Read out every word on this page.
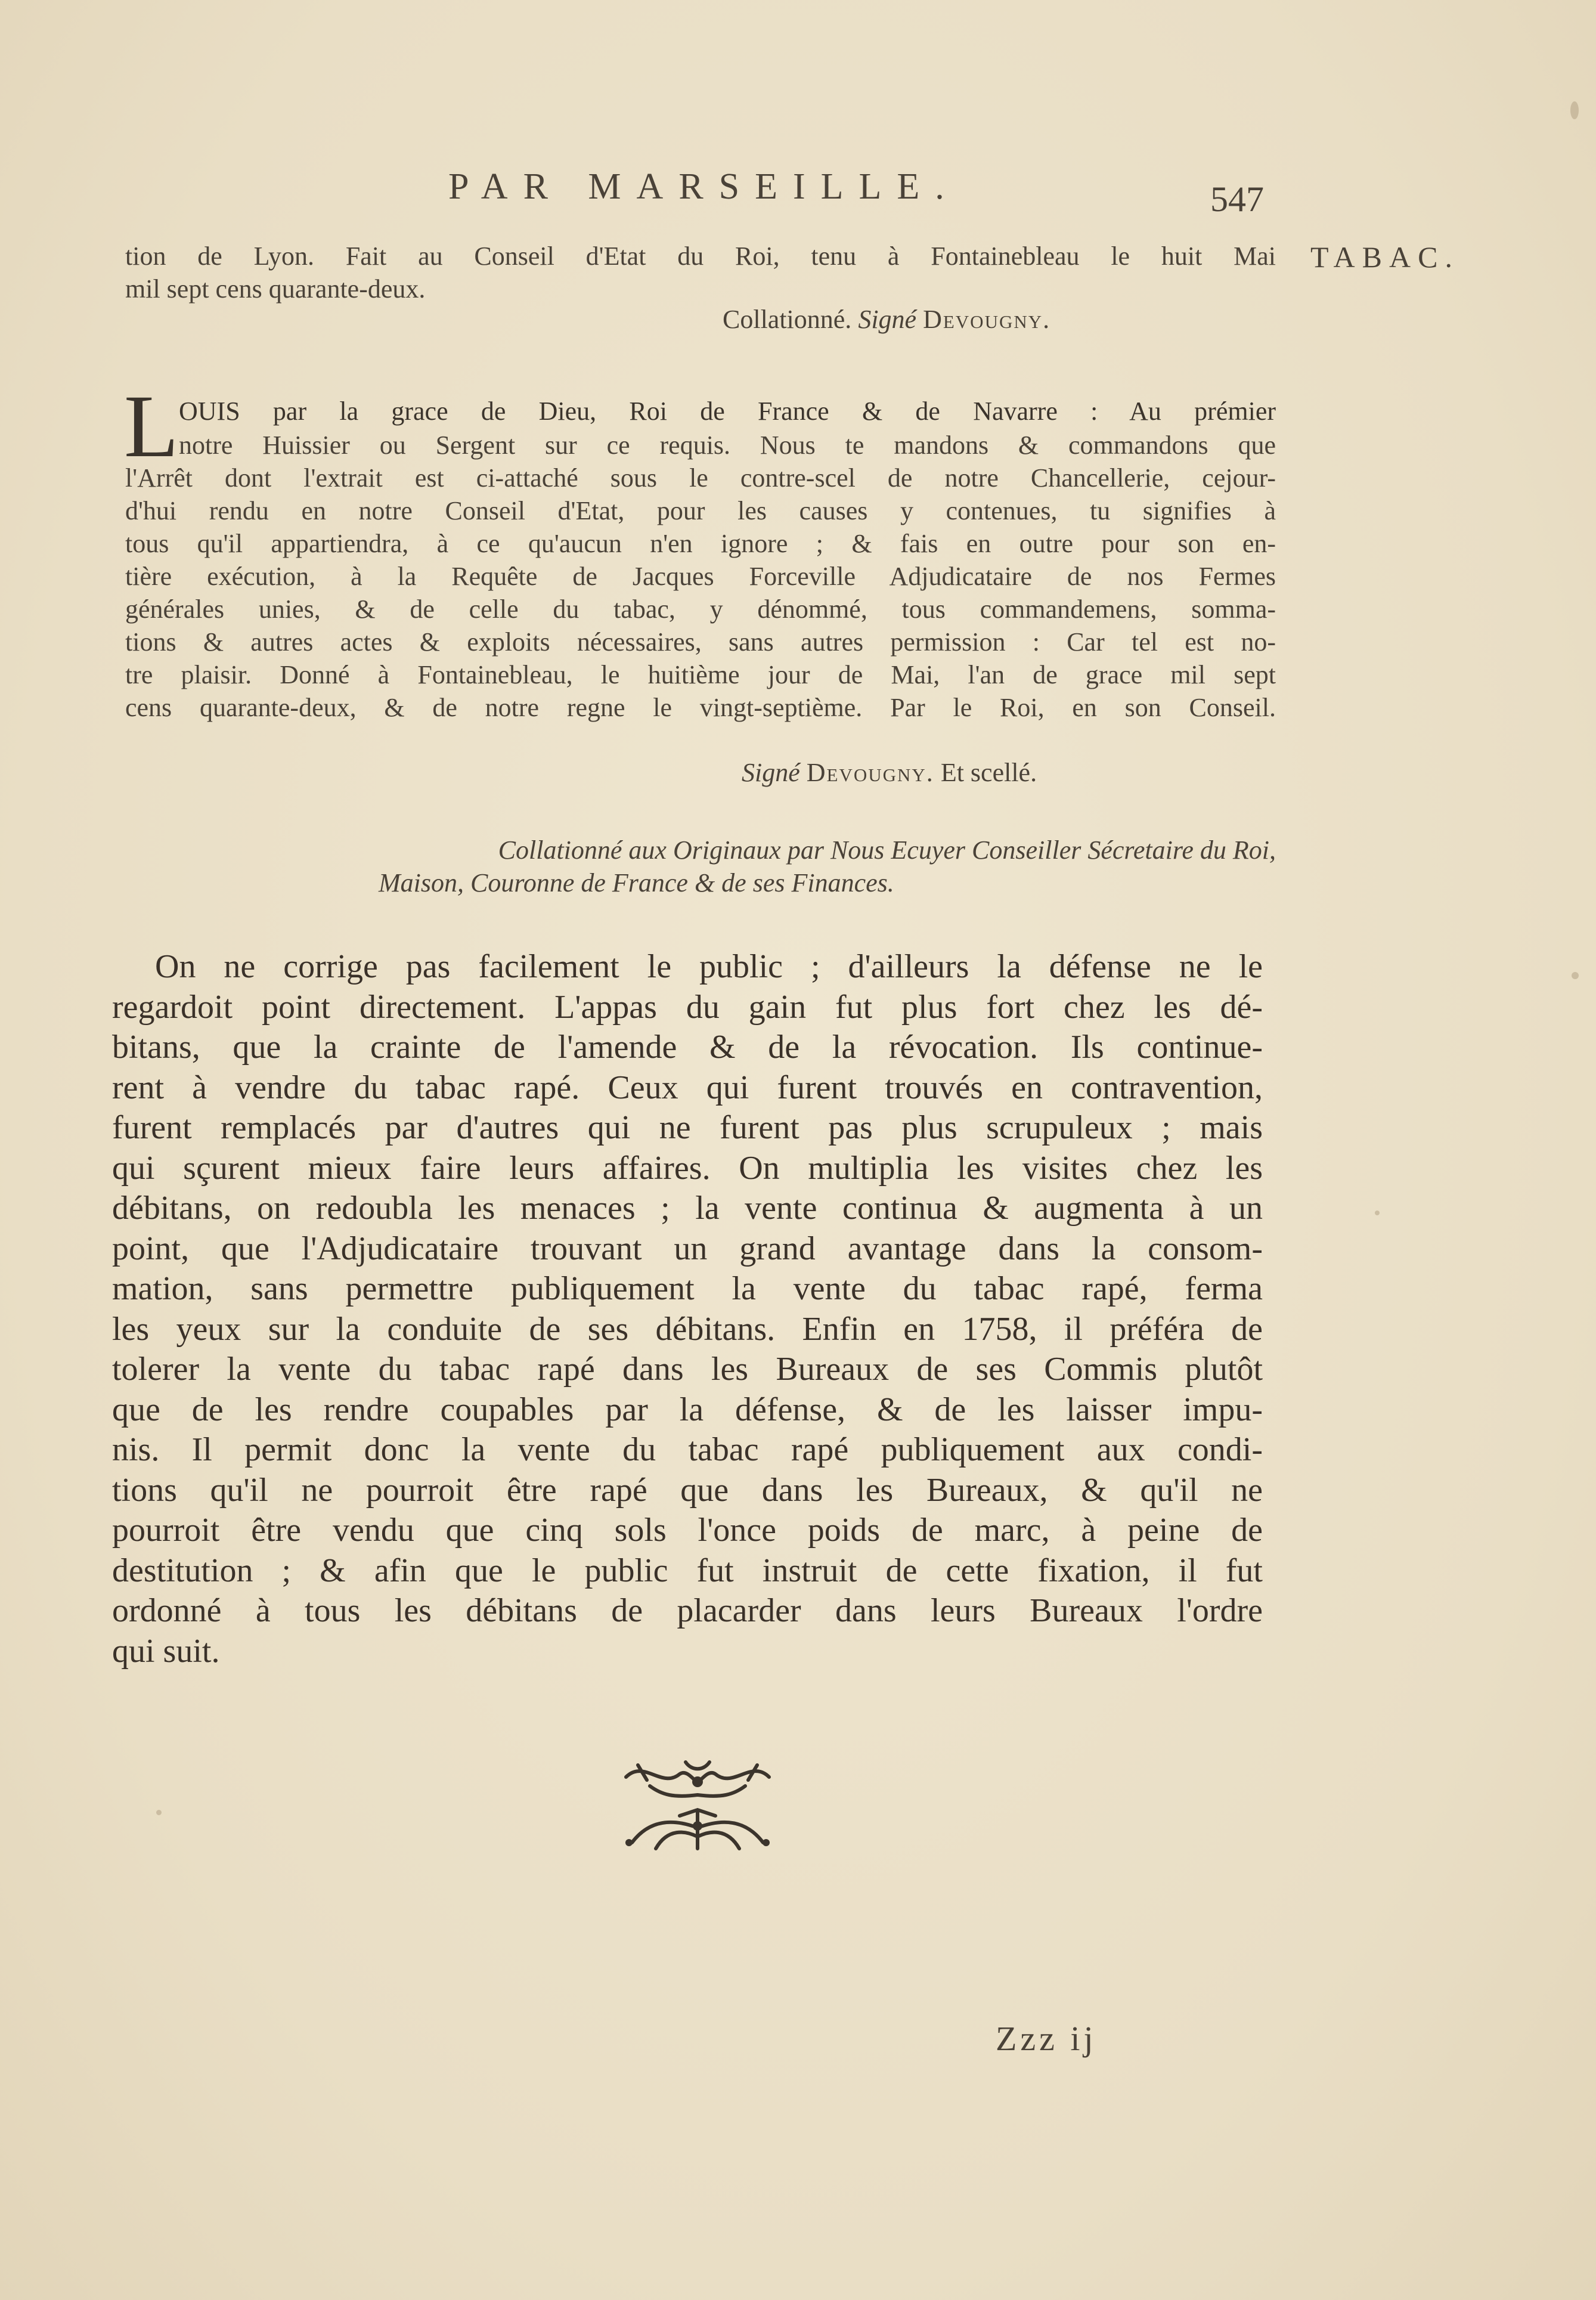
PAR MARSEILLE.	547
TABAC.
tion de Lyon. Fait au Conseil d'Etat du Roi, tenu à Fontainebleau le huit Mai
mil sept cens quarante-deux.
Collationné. Signé Devougny.
L OUIS par la grace de Dieu, Roi de France & de Navarre : Au prémier
notre Huissier ou Sergent sur ce requis. Nous te mandons & commandons que
l'Arrêt dont l'extrait est ci-attaché sous le contre-scel de notre Chancellerie, cejour-
d'hui rendu en notre Conseil d'Etat, pour les causes y contenues, tu signifies à
tous qu'il appartiendra, à ce qu'aucun n'en ignore ; & fais en outre pour son en-
tière exécution, à la Requête de Jacques Forceville Adjudicataire de nos Fermes
générales unies, & de celle du tabac, y dénommé, tous commandemens, somma-
tions & autres actes & exploits nécessaires, sans autres permission : Car tel est no-
tre plaisir. Donné à Fontainebleau, le huitième jour de Mai, l'an de grace mil sept
cens quarante-deux, & de notre regne le vingt-septième. Par le Roi, en son Conseil.
Signé Devougny. Et scellé.
Collationné aux Originaux par Nous Ecuyer Conseiller Sécretaire du Roi,
Maison, Couronne de France & de ses Finances.
On ne corrige pas facilement le public ; d'ailleurs la défense ne le
regardoit point directement. L'appas du gain fut plus fort chez les dé-
bitans, que la crainte de l'amende & de la révocation. Ils continue-
rent à vendre du tabac rapé. Ceux qui furent trouvés en contravention,
furent remplacés par d'autres qui ne furent pas plus scrupuleux ; mais
qui sçurent mieux faire leurs affaires. On multiplia les visites chez les
débitans, on redoubla les menaces ; la vente continua & augmenta à un
point, que l'Adjudicataire trouvant un grand avantage dans la consom-
mation, sans permettre publiquement la vente du tabac rapé, ferma
les yeux sur la conduite de ses débitans. Enfin en 1758, il préféra de
tolerer la vente du tabac rapé dans les Bureaux de ses Commis plutôt
que de les rendre coupables par la défense, & de les laisser impu-
nis. Il permit donc la vente du tabac rapé publiquement aux condi-
tions qu'il ne pourroit être rapé que dans les Bureaux, & qu'il ne
pourroit être vendu que cinq sols l'once poids de marc, à peine de
destitution ; & afin que le public fut instruit de cette fixation, il fut
ordonné à tous les débitans de placarder dans leurs Bureaux l'ordre
qui suit.
Zzz ij
